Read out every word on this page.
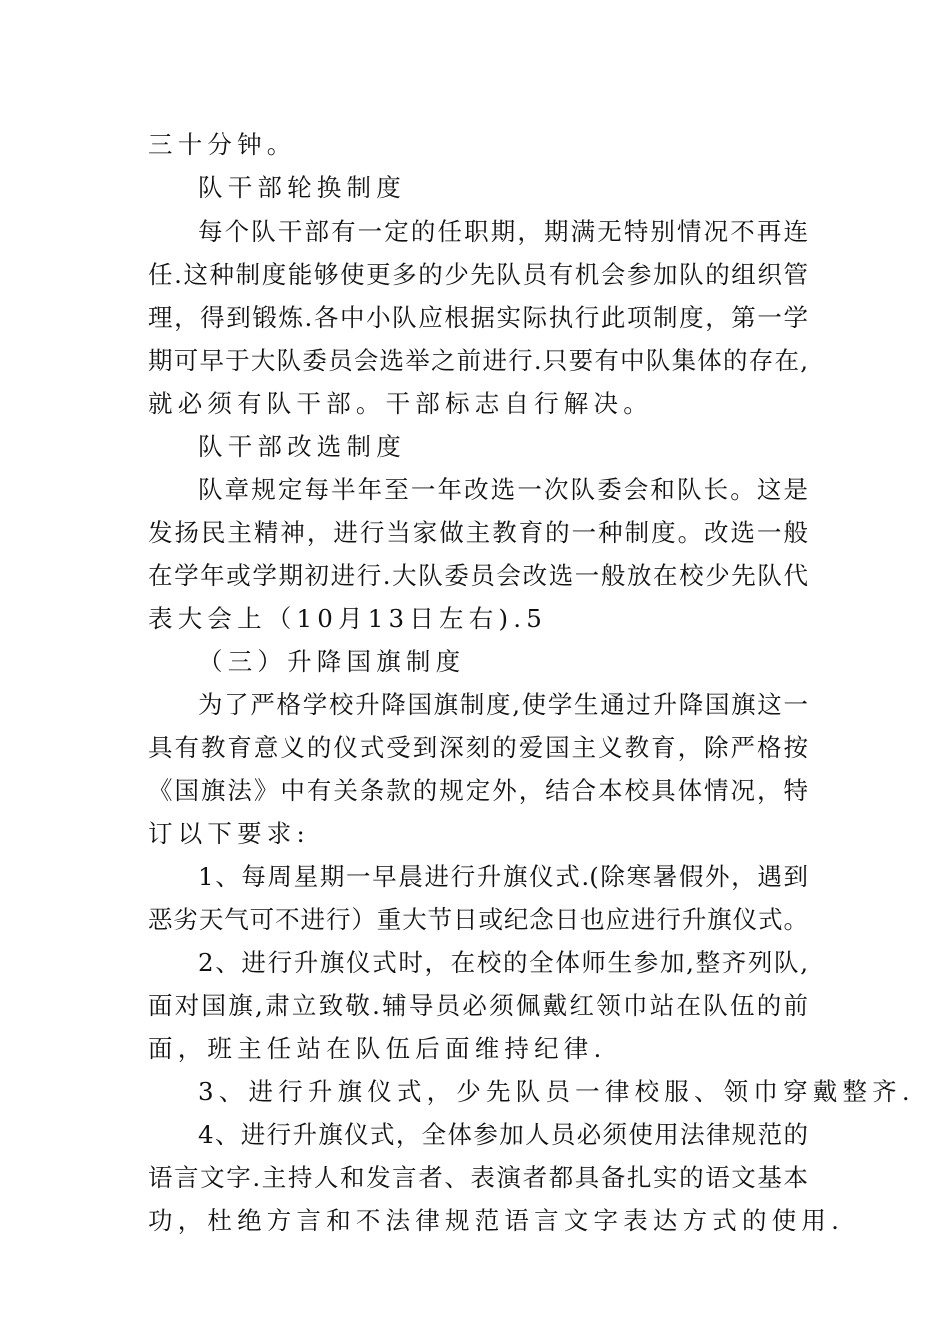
三十分钟。
队干部轮换制度
每个队干部有一定的任职期，期满无特别情况不再连
任.这种制度能够使更多的少先队员有机会参加队的组织管
理，得到锻炼.各中小队应根据实际执行此项制度，第一学
期可早于大队委员会选举之前进行.只要有中队集体的存在,
就必须有队干部。干部标志自行解决。
队干部改选制度
队章规定每半年至一年改选一次队委会和队长。这是
发扬民主精神，进行当家做主教育的一种制度。改选一般
在学年或学期初进行.大队委员会改选一般放在校少先队代
表大会上（10月13日左右).5
（三）升降国旗制度
为了严格学校升降国旗制度,使学生通过升降国旗这一
具有教育意义的仪式受到深刻的爱国主义教育，除严格按
《国旗法》中有关条款的规定外，结合本校具体情况，特
订以下要求:
1、每周星期一早晨进行升旗仪式.(除寒暑假外，遇到
恶劣天气可不进行）重大节日或纪念日也应进行升旗仪式。
2、进行升旗仪式时，在校的全体师生参加,整齐列队,
面对国旗,肃立致敬.辅导员必须佩戴红领巾站在队伍的前
面，班主任站在队伍后面维持纪律.
3、进行升旗仪式，少先队员一律校服、领巾穿戴整齐.
4、进行升旗仪式，全体参加人员必须使用法律规范的
语言文字.主持人和发言者、表演者都具备扎实的语文基本
功，杜绝方言和不法律规范语言文字表达方式的使用.
